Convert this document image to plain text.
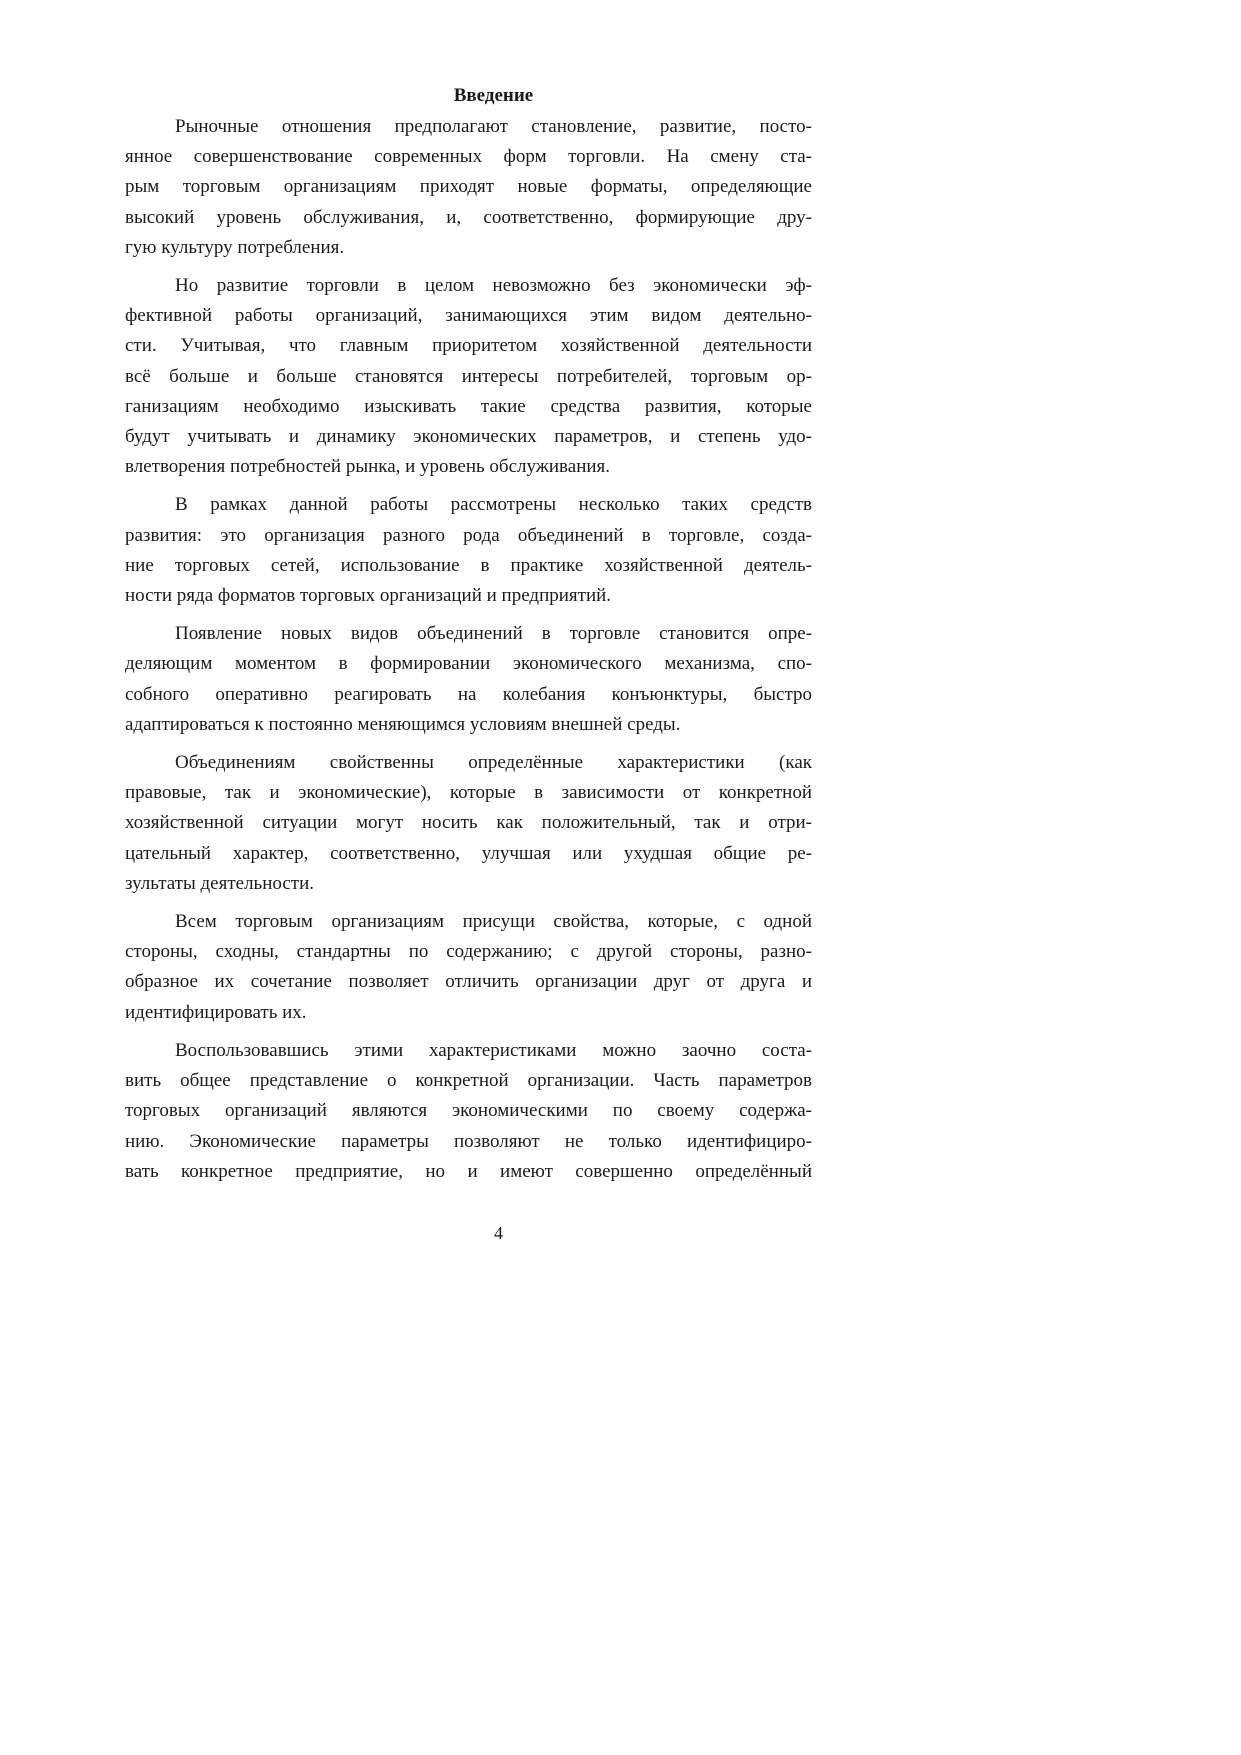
Введение

Рыночные отношения предполагают становление, развитие, посто-
янное совершенствование современных форм торговли. На смену ста-
рым торговым организациям приходят новые форматы, определяющие
высокий уровень обслуживания, и, соответственно, формирующие дру-
гую культуру потребления.

Но развитие торговли в целом невозможно без экономически эф-
фективной работы организаций, занимающихся этим видом деятельно-
сти. Учитывая, что главным приоритетом хозяйственной деятельности
всё больше и больше становятся интересы потребителей, торговым ор-
ганизациям необходимо изыскивать такие средства развития, которые
будут учитывать и динамику экономических параметров, и степень удо-
влетворения потребностей рынка, и уровень обслуживания.

В рамках данной работы рассмотрены несколько таких средств
развития: это организация разного рода объединений в торговле, созда-
ние торговых сетей, использование в практике хозяйственной деятель-
ности ряда форматов торговых организаций и предприятий.

Появление новых видов объединений в торговле становится опре-
деляющим моментом в формировании экономического механизма, спо-
собного оперативно реагировать на колебания конъюнктуры, быстро
адаптироваться к постоянно меняющимся условиям внешней среды.

Объединениям свойственны определённые характеристики (как
правовые, так и экономические), которые в зависимости от конкретной
хозяйственной ситуации могут носить как положительный, так и отри-
цательный характер, соответственно, улучшая или ухудшая общие ре-
зультаты деятельности.

Всем торговым организациям присущи свойства, которые, с одной
стороны, сходны, стандартны по содержанию; с другой стороны, разно-
образное их сочетание позволяет отличить организации друг от друга и
идентифицировать их.

Воспользовавшись этими характеристиками можно заочно соста-
вить общее представление о конкретной организации. Часть параметров
торговых организаций являются экономическими по своему содержа-
нию. Экономические параметры позволяют не только идентифициро-
вать конкретное предприятие, но и имеют совершенно определённый

4
